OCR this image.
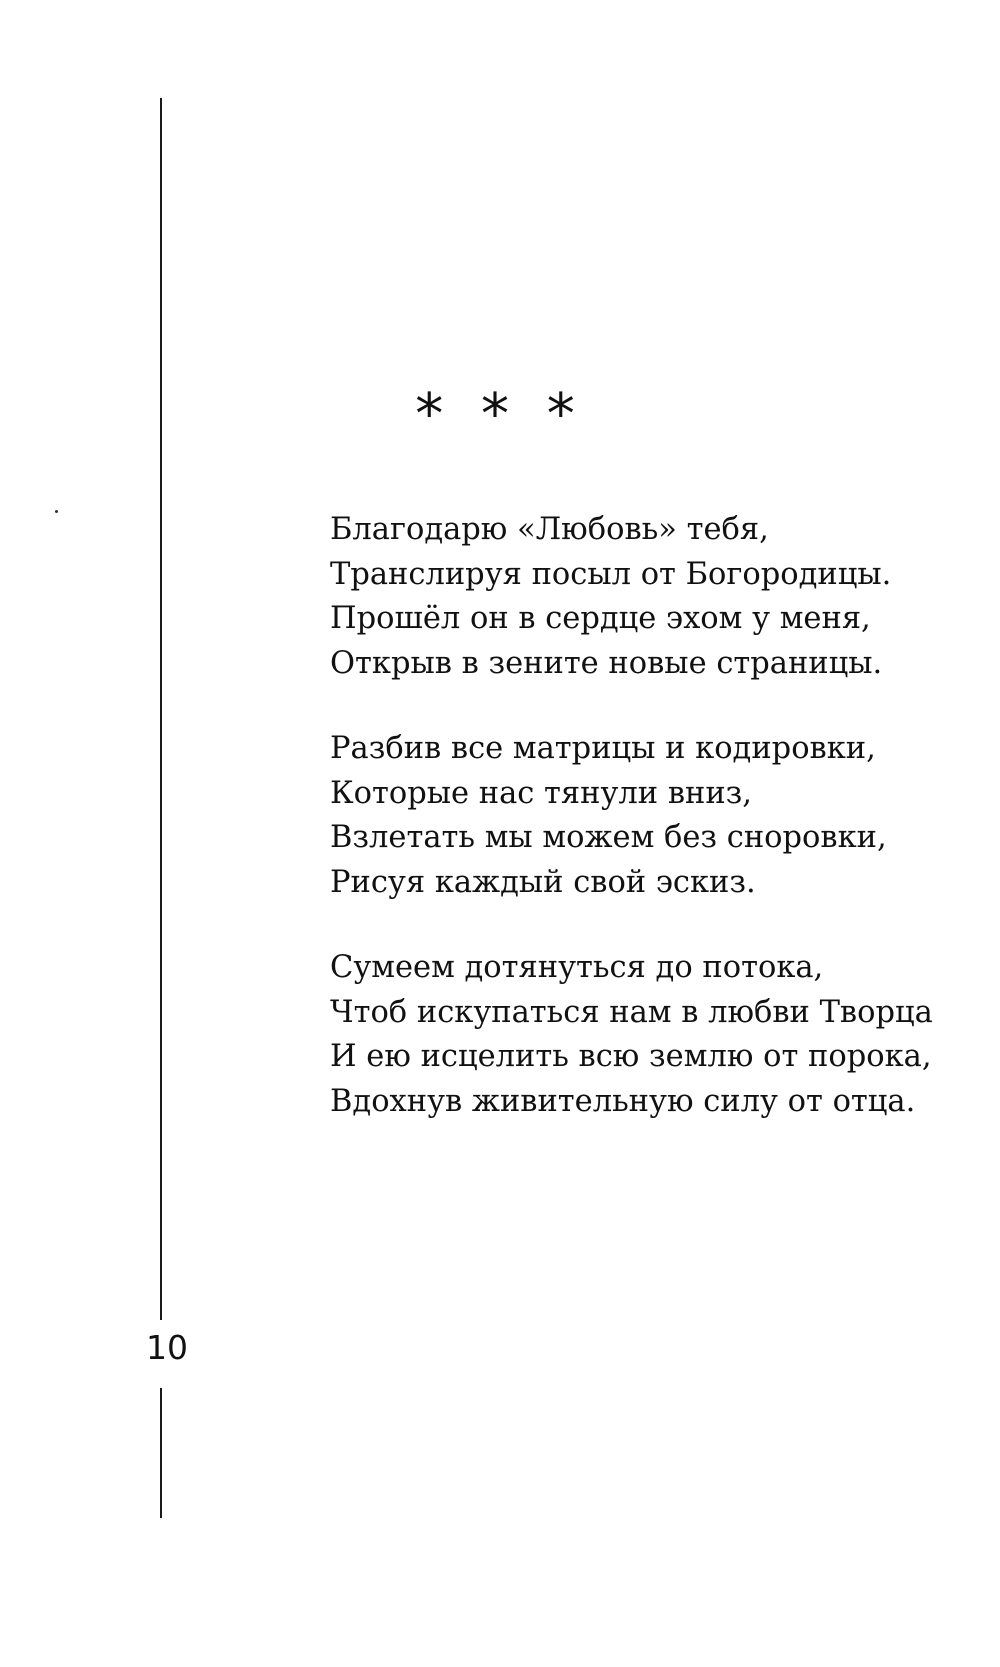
10
* * *
Благодарю «Любовь» тебя,
Транслируя посыл от Богородицы.
Прошёл он в сердце эхом у меня,
Открыв в зените новые страницы.
Разбив все матрицы и кодировки,
Которые нас тянули вниз,
Взлетать мы можем без сноровки,
Рисуя каждый свой эскиз.
Сумеем дотянуться до потока,
Чтоб искупаться нам в любви Творца
И ею исцелить всю землю от порока,
Вдохнув живительную силу от отца.
